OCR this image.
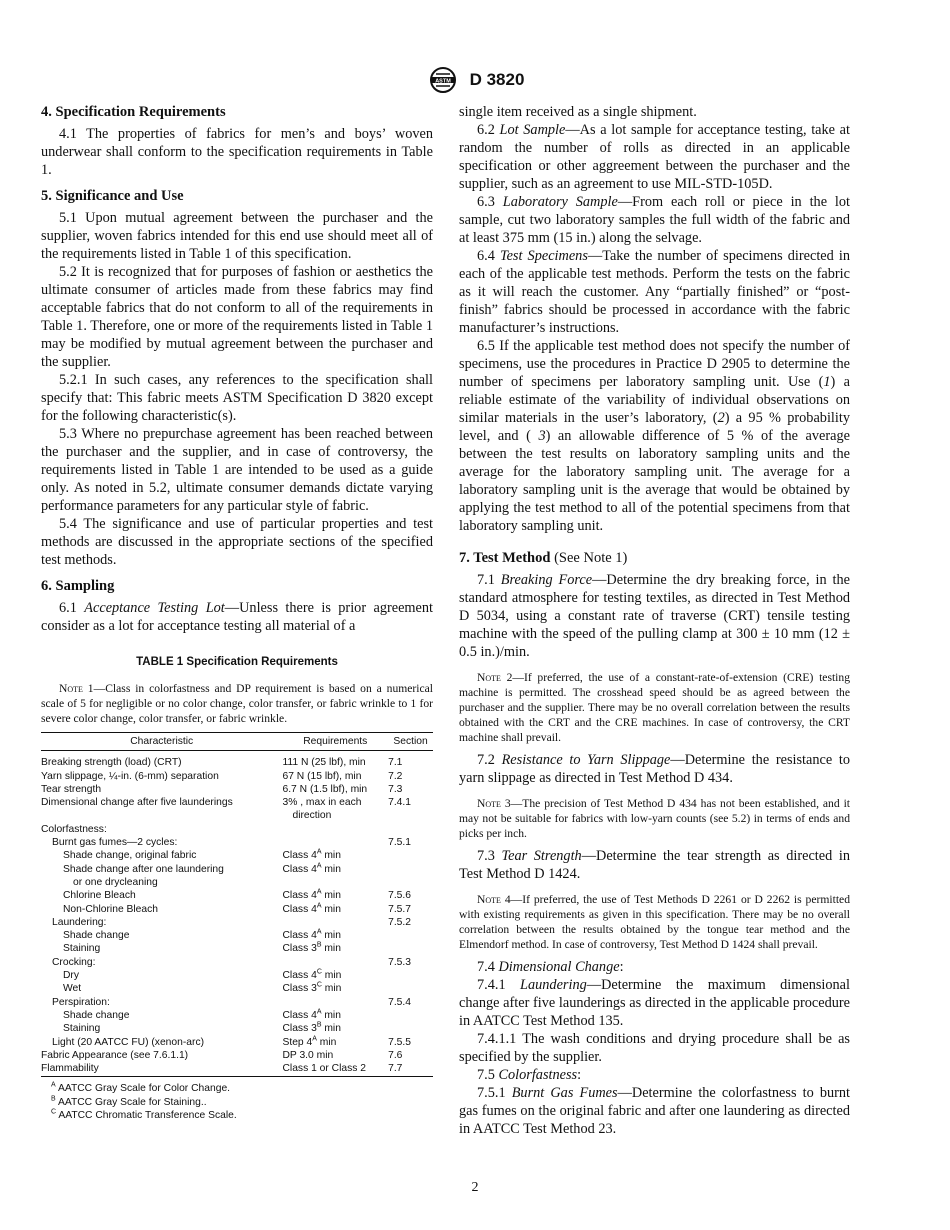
ASTM D 3820
4. Specification Requirements

4.1 The properties of fabrics for men’s and boys’ woven underwear shall conform to the specification requirements in Table 1.

5. Significance and Use

5.1 Upon mutual agreement between the purchaser and the supplier, woven fabrics intended for this end use should meet all of the requirements listed in Table 1 of this specification.

5.2 It is recognized that for purposes of fashion or aesthetics the ultimate consumer of articles made from these fabrics may find acceptable fabrics that do not conform to all of the requirements in Table 1. Therefore, one or more of the requirements listed in Table 1 may be modified by mutual agreement between the purchaser and the supplier.

5.2.1 In such cases, any references to the specification shall specify that: This fabric meets ASTM Specification D 3820 except for the following characteristic(s).

5.3 Where no prepurchase agreement has been reached between the purchaser and the supplier, and in case of controversy, the requirements listed in Table 1 are intended to be used as a guide only. As noted in 5.2, ultimate consumer demands dictate varying performance parameters for any particular style of fabric.

5.4 The significance and use of particular properties and test methods are discussed in the appropriate sections of the specified test methods.

6. Sampling

6.1 Acceptance Testing Lot—Unless there is prior agreement consider as a lot for acceptance testing all material of a

TABLE 1 Specification Requirements

Note 1—Class in colorfastness and DP requirement is based on a numerical scale of 5 for negligible or no color change, color transfer, or fabric wrinkle to 1 for severe color change, color transfer, or fabric wrinkle.

Characteristic	Requirements	Section
Breaking strength (load) (CRT)	111 N (25 lbf), min	7.1
Yarn slippage, ¼-in. (6-mm) separation	67 N (15 lbf), min	7.2
Tear strength	6.7 N (1.5 lbf), min	7.3
Dimensional change after five launderings	3% , max in each
direction	7.4.1
Colorfastness:		
Burnt gas fumes—2 cycles:		7.5.1
Shade change, original fabric	Class $4^A$ min	
Shade change after one laundering
or one drycleaning	Class $4^A$ min	
Chlorine Bleach	Class $4^A$ min	7.5.6
Non-Chlorine Bleach	Class $4^A$ min	7.5.7
Laundering:		7.5.2
Shade change	Class $4^A$ min	
Staining	Class $3^B$ min	
Crocking:		7.5.3
Dry	Class $4^C$ min	
Wet	Class $3^C$ min	
Perspiration:		7.5.4
Shade change	Class $4^A$ min	
Staining	Class $3^B$ min	
Light (20 AATCC FU) (xenon-arc)	Step $4^A$ min	7.5.5
Fabric Appearance (see 7.6.1.1)	DP 3.0 min	7.6
Flammability	Class 1 or Class 2	7.7
$^A$ AATCC Gray Scale for Color Change.
$^B$ AATCC Gray Scale for Staining..
$^C$ AATCC Chromatic Transference Scale.

single item received as a single shipment.

6.2 Lot Sample—As a lot sample for acceptance testing, take at random the number of rolls as directed in an applicable specification or other aggreement between the purchaser and the supplier, such as an agreement to use MIL-STD-105D.

6.3 Laboratory Sample—From each roll or piece in the lot sample, cut two laboratory samples the full width of the fabric and at least 375 mm (15 in.) along the selvage.

6.4 Test Specimens—Take the number of specimens directed in each of the applicable test methods. Perform the tests on the fabric as it will reach the customer. Any “partially finished” or “post-finish” fabrics should be processed in accordance with the fabric manufacturer’s instructions.

6.5 If the applicable test method does not specify the number of specimens, use the procedures in Practice D 2905 to determine the number of specimens per laboratory sampling unit. Use (1) a reliable estimate of the variability of individual observations on similar materials in the user’s laboratory, (2) a 95 % probability level, and ( 3) an allowable difference of 5 % of the average between the test results on laboratory sampling units and the average for the laboratory sampling unit. The average for a laboratory sampling unit is the average that would be obtained by applying the test method to all of the potential specimens from that laboratory sampling unit.

7. Test Method (See Note 1)

7.1 Breaking Force—Determine the dry breaking force, in the standard atmosphere for testing textiles, as directed in Test Method D 5034, using a constant rate of traverse (CRT) tensile testing machine with the speed of the pulling clamp at 300 ± 10 mm (12 ± 0.5 in.)/min.

Note 2—If preferred, the use of a constant-rate-of-extension (CRE) testing machine is permitted. The crosshead speed should be as agreed between the purchaser and the supplier. There may be no overall correlation between the results obtained with the CRT and the CRE machines. In case of controversy, the CRT machine shall prevail.

7.2 Resistance to Yarn Slippage—Determine the resistance to yarn slippage as directed in Test Method D 434.

Note 3—The precision of Test Method D 434 has not been established, and it may not be suitable for fabrics with low-yarn counts (see 5.2) in terms of ends and picks per inch.

7.3 Tear Strength—Determine the tear strength as directed in Test Method D 1424.

Note 4—If preferred, the use of Test Methods D 2261 or D 2262 is permitted with existing requirements as given in this specification. There may be no overall correlation between the results obtained by the tongue tear method and the Elmendorf method. In case of controversy, Test Method D 1424 shall prevail.

7.4 Dimensional Change:

7.4.1 Laundering—Determine the maximum dimensional change after five launderings as directed in the applicable procedure in AATCC Test Method 135.

7.4.1.1 The wash conditions and drying procedure shall be as specified by the supplier.

7.5 Colorfastness:

7.5.1 Burnt Gas Fumes—Determine the colorfastness to burnt gas fumes on the original fabric and after one laundering as directed in AATCC Test Method 23.

2
